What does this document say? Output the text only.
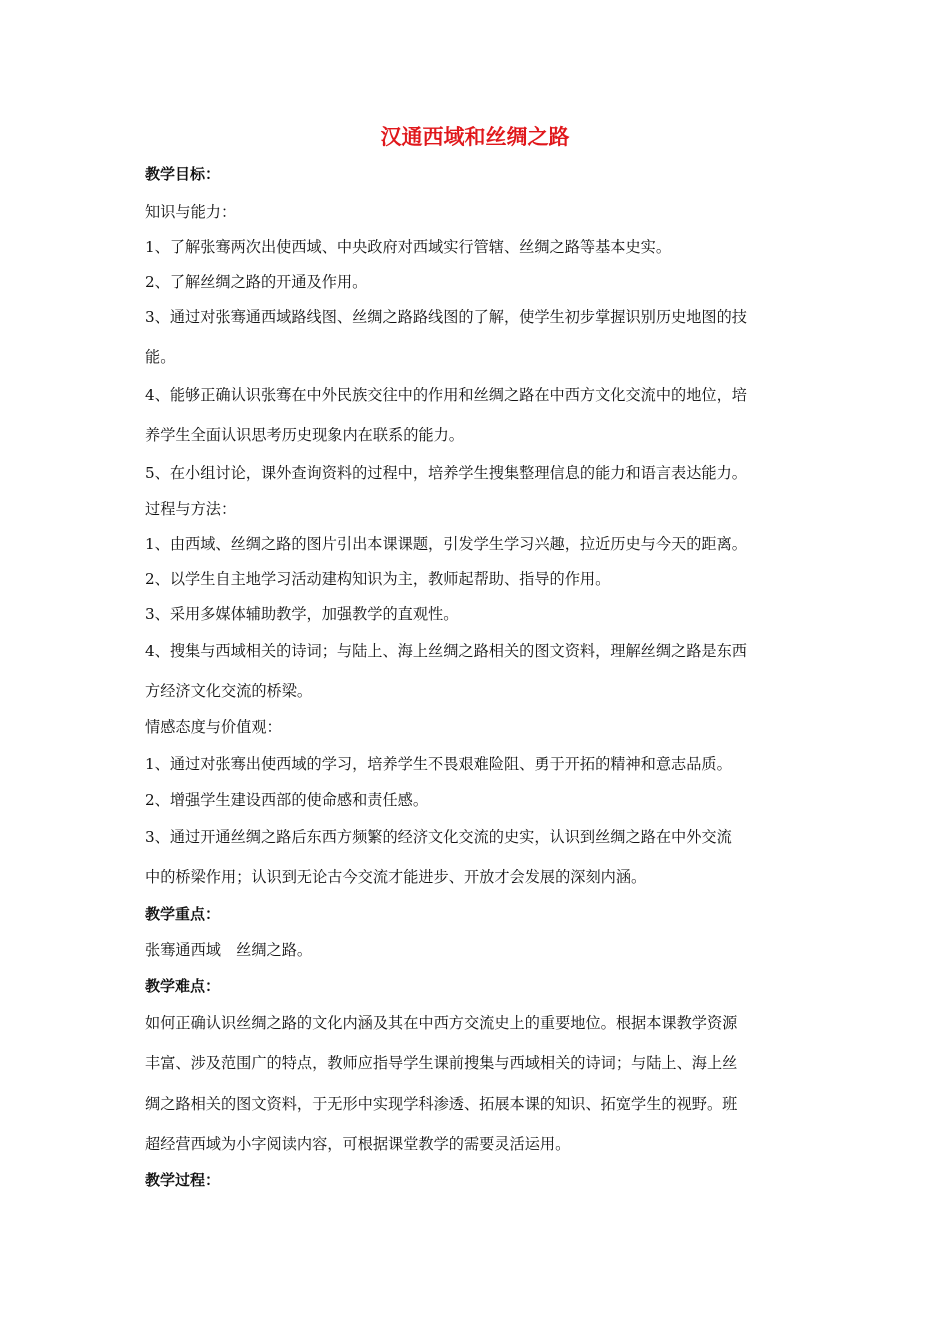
汉通西域和丝绸之路

教学目标：

知识与能力：

1、了解张骞两次出使西域、中央政府对西域实行管辖、丝绸之路等基本史实。

2、了解丝绸之路的开通及作用。

3、通过对张骞通西域路线图、丝绸之路路线图的了解，使学生初步掌握识别历史地图的技

能。

4、能够正确认识张骞在中外民族交往中的作用和丝绸之路在中西方文化交流中的地位，培

养学生全面认识思考历史现象内在联系的能力。

5、在小组讨论，课外查询资料的过程中，培养学生搜集整理信息的能力和语言表达能力。

过程与方法：

1、由西域、丝绸之路的图片引出本课课题，引发学生学习兴趣，拉近历史与今天的距离。

2、以学生自主地学习活动建构知识为主，教师起帮助、指导的作用。

3、采用多媒体辅助教学，加强教学的直观性。

4、搜集与西域相关的诗词；与陆上、海上丝绸之路相关的图文资料，理解丝绸之路是东西

方经济文化交流的桥梁。

情感态度与价值观：

1、通过对张骞出使西域的学习，培养学生不畏艰难险阻、勇于开拓的精神和意志品质。

2、增强学生建设西部的使命感和责任感。

3、通过开通丝绸之路后东西方频繁的经济文化交流的史实，认识到丝绸之路在中外交流

中的桥梁作用；认识到无论古今交流才能进步、开放才会发展的深刻内涵。

教学重点：

张骞通西域　丝绸之路。

教学难点：

如何正确认识丝绸之路的文化内涵及其在中西方交流史上的重要地位。根据本课教学资源

丰富、涉及范围广的特点，教师应指导学生课前搜集与西域相关的诗词；与陆上、海上丝

绸之路相关的图文资料，于无形中实现学科渗透、拓展本课的知识、拓宽学生的视野。班

超经营西域为小字阅读内容，可根据课堂教学的需要灵活运用。

教学过程：
